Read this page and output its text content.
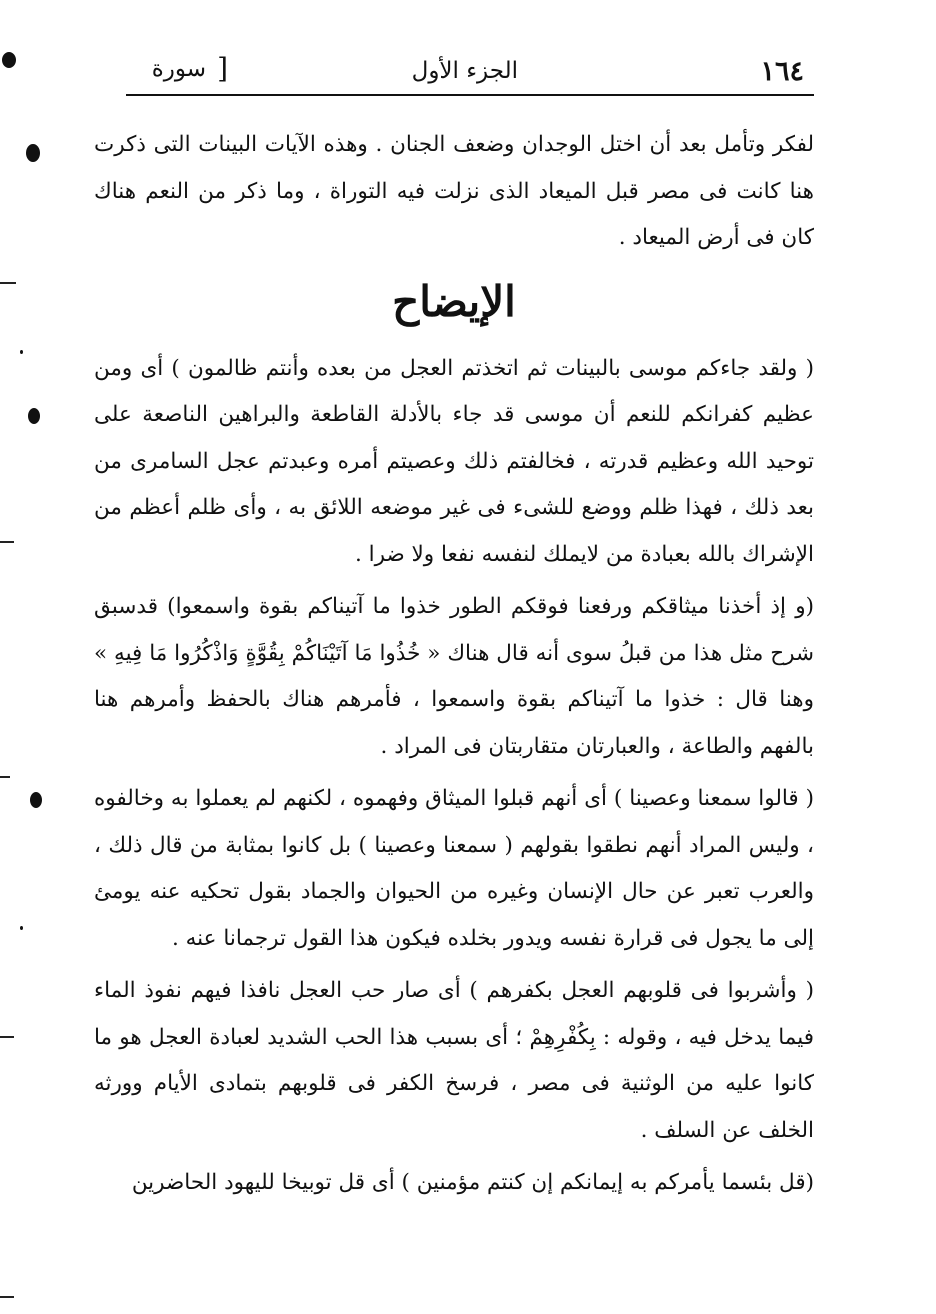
١٦٤
الجزء الأول
[
سورة

لفكر وتأمل بعد أن اختل الوجدان وضعف الجنان . وهذه الآيات البينات التى ذكرت هنا كانت فى مصر قبل الميعاد الذى نزلت فيه التوراة ، وما ذكر من النعم هناك كان فى أرض الميعاد .

الإيضاح

( ولقد جاءكم موسى بالبينات ثم اتخذتم العجل من بعده وأنتم ظالمون ) أى ومن عظيم كفرانكم للنعم أن موسى قد جاء بالأدلة القاطعة والبراهين الناصعة على توحيد الله وعظيم قدرته ، فخالفتم ذلك وعصيتم أمره وعبدتم عجل السامرى من بعد ذلك ، فهذا ظلم ووضع للشىء فى غير موضعه اللائق به ، وأى ظلم أعظم من الإشراك بالله بعبادة من لايملك لنفسه نفعا ولا ضرا .

(و إذ أخذنا ميثاقكم ورفعنا فوقكم الطور خذوا ما آتيناكم بقوة واسمعوا) قدسبق شرح مثل هذا من قبلُ سوى أنه قال هناك « خُذُوا مَا آتَيْنَاكُمْ بِقُوَّةٍ وَاذْكُرُوا مَا فِيهِ » وهنا قال : خذوا ما آتيناكم بقوة واسمعوا ، فأمرهم هناك بالحفظ وأمرهم هنا بالفهم والطاعة ، والعبارتان متقاربتان فى المراد .

( قالوا سمعنا وعصينا ) أى أنهم قبلوا الميثاق وفهموه ، لكنهم لم يعملوا به وخالفوه ، وليس المراد أنهم نطقوا بقولهم ( سمعنا وعصينا ) بل كانوا بمثابة من قال ذلك ، والعرب تعبر عن حال الإنسان وغيره من الحيوان والجماد بقول تحكيه عنه يومئ إلى ما يجول فى قرارة نفسه ويدور بخلده فيكون هذا القول ترجمانا عنه .

( وأشربوا فى قلوبهم العجل بكفرهم ) أى صار حب العجل نافذا فيهم نفوذ الماء فيما يدخل فيه ، وقوله : بِكُفْرِهِمْ ؛ أى بسبب هذا الحب الشديد لعبادة العجل هو ما كانوا عليه من الوثنية فى مصر ، فرسخ الكفر فى قلوبهم بتمادى الأيام وورثه الخلف عن السلف .

(قل بئسما يأمركم به إيمانكم إن كنتم مؤمنين ) أى قل توبيخا لليهود الحاضرين
